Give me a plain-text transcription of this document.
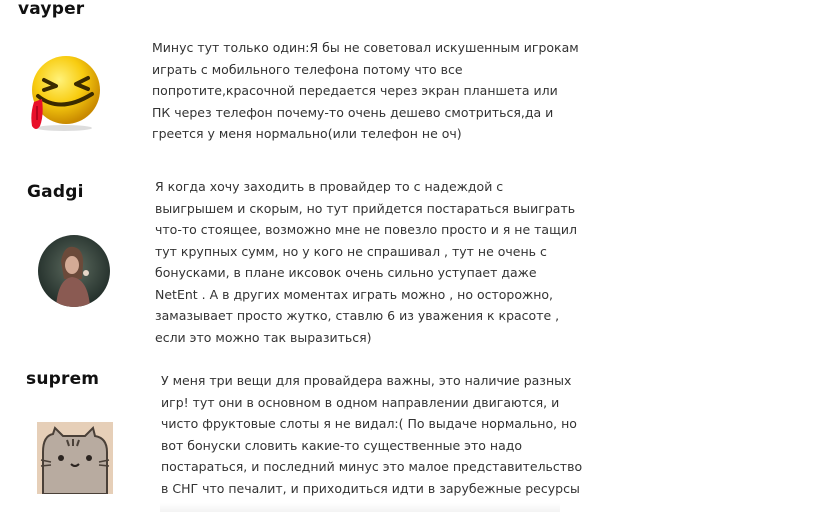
vayper
Минус тут только один:Я бы не советовал искушенным игрокам
играть с мобильного телефона потому что все
попротите,красочной передается через экран планшета или
ПК через телефон почему-то очень дешево смотриться,да и
греется у меня нормально(или телефон не оч)
Gadgi	Я когда хочу заходить в провайдер то с надеждой с
выигрышем и скорым, но тут прийдется постараться выиграть
что-то стоящее, возможно мне не повезло просто и я не тащил
тут крупных сумм, но у кого не спрашивал , тут не очень с
бонусками, в плане иксовок очень сильно уступает даже
NetEnt . А в других моментах играть можно , но осторожно,
замазывает просто жутко, ставлю 6 из уважения к красоте ,
если это можно так выразиться)
suprem	У меня три вещи для провайдера важны, это наличие разных
игр! тут они в основном в одном направлении двигаются, и
чисто фруктовые слоты я не видал:( По выдаче нормально, но
вот бонуски словить какие-то существенные это надо
постараться, и последний минус это малое представительство
в СНГ что печалит, и приходиться идти в зарубежные ресурсы
